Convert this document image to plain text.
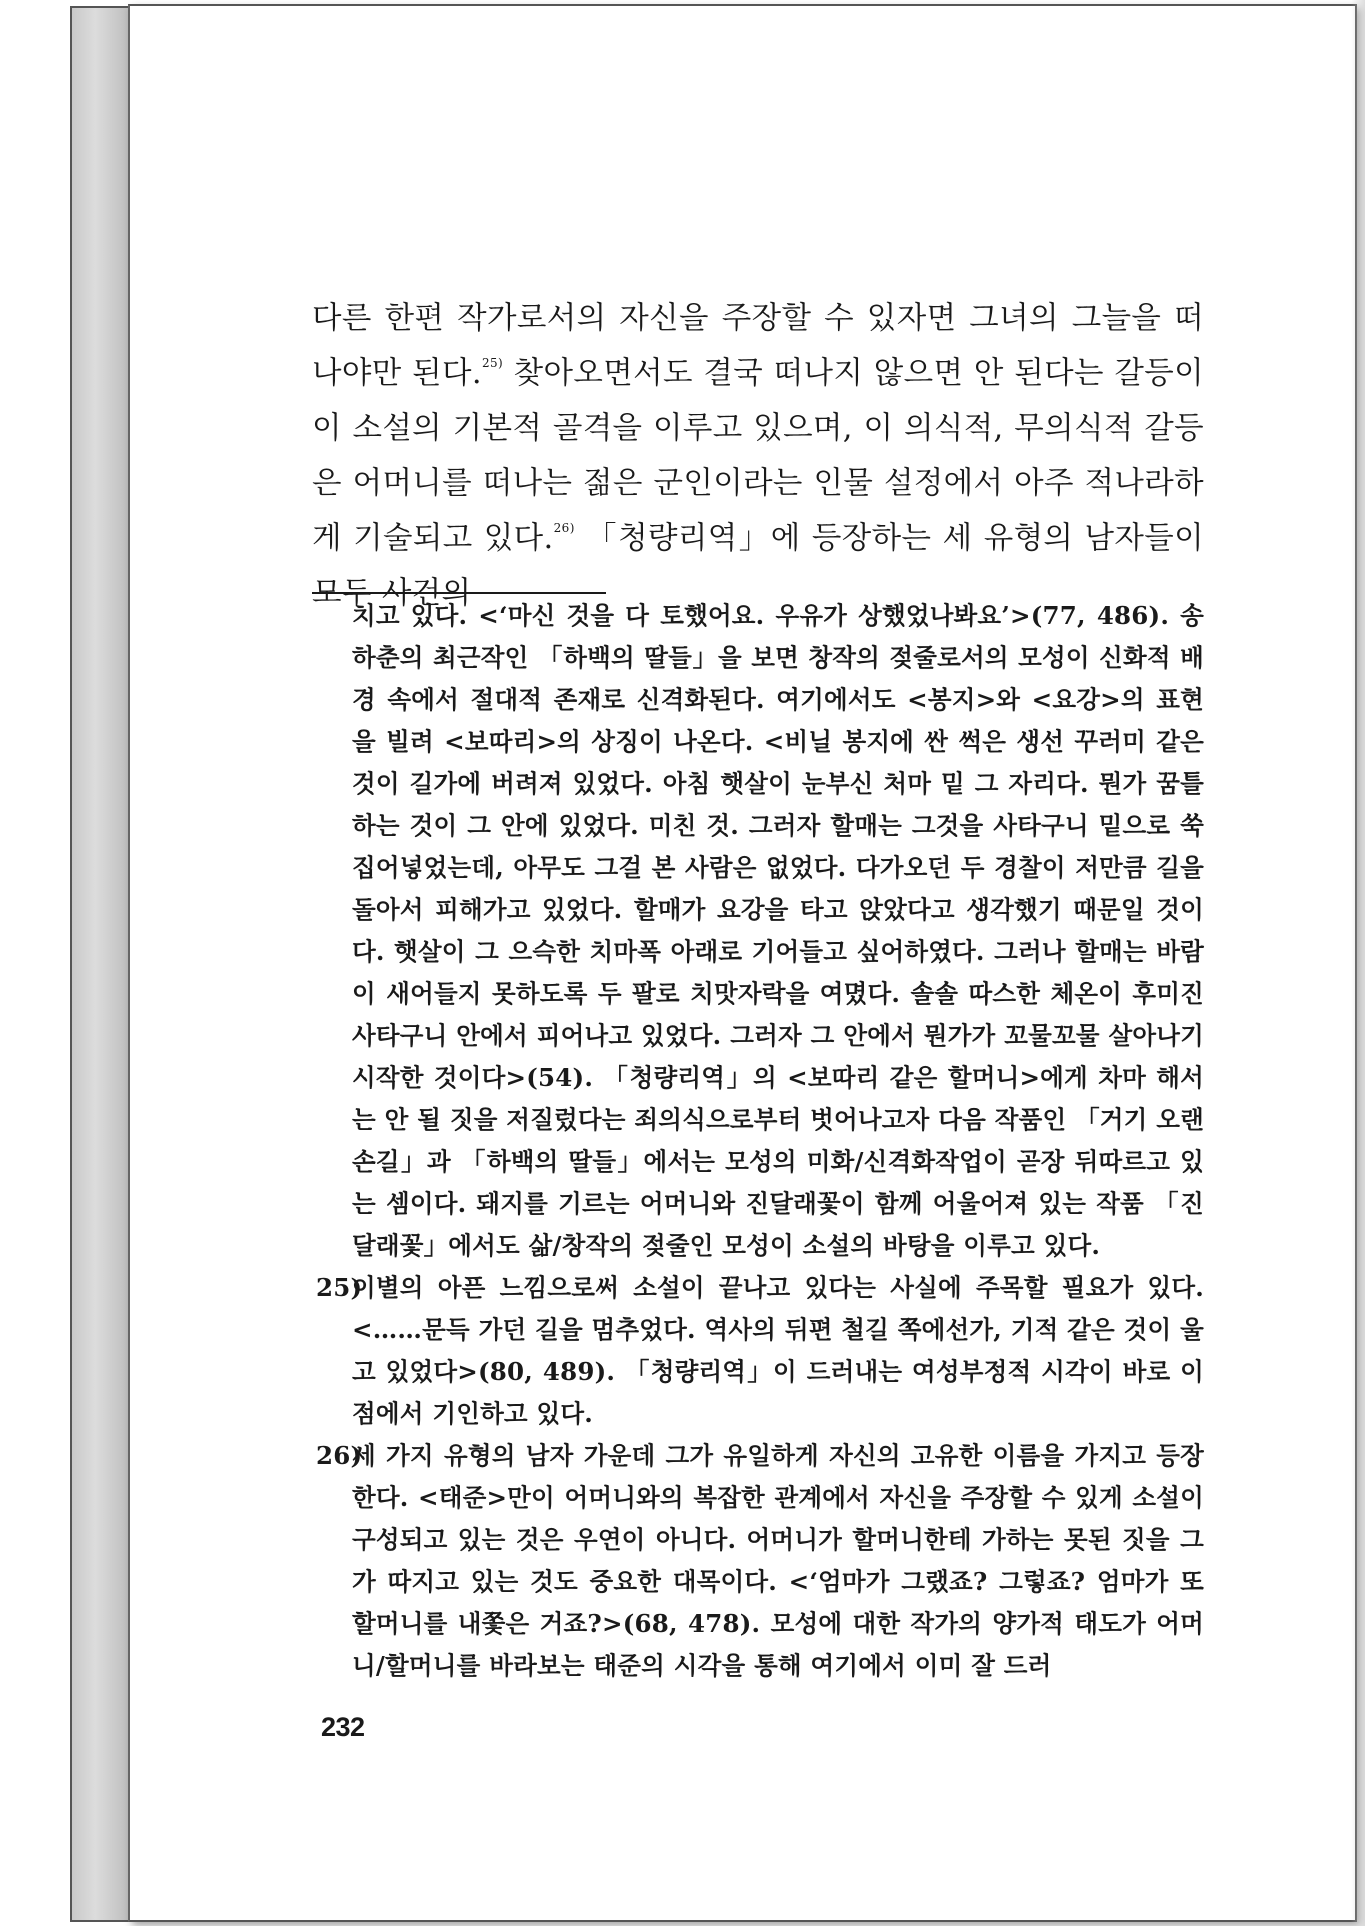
다른 한편 작가로서의 자신을 주장할 수 있자면 그녀의 그늘을 떠나야만 된다.$^{25)}$ 찾아오면서도 결국 떠나지 않으면 안 된다는 갈등이 이 소설의 기본적 골격을 이루고 있으며, 이 의식적, 무의식적 갈등은 어머니를 떠나는 젊은 군인이라는 인물 설정에서 아주 적나라하게 기술되고 있다.$^{26)}$ 「청량리역」에 등장하는 세 유형의 남자들이 모두 사건의

치고 있다. <‘마신 것을 다 토했어요. 우유가 상했었나봐요’>(77, 486). 송하춘의 최근작인 「하백의 딸들」을 보면 창작의 젖줄로서의 모성이 신화적 배경 속에서 절대적 존재로 신격화된다. 여기에서도 <봉지>와 <요강>의 표현을 빌려 <보따리>의 상징이 나온다. <비닐 봉지에 싼 썩은 생선 꾸러미 같은 것이 길가에 버려져 있었다. 아침 햇살이 눈부신 처마 밑 그 자리다. 뭔가 꿈틀하는 것이 그 안에 있었다. 미친 것. 그러자 할매는 그것을 사타구니 밑으로 쑥 집어넣었는데, 아무도 그걸 본 사람은 없었다. 다가오던 두 경찰이 저만큼 길을 돌아서 피해가고 있었다. 할매가 요강을 타고 앉았다고 생각했기 때문일 것이다. 햇살이 그 으슥한 치마폭 아래로 기어들고 싶어하였다. 그러나 할매는 바람이 새어들지 못하도록 두 팔로 치맛자락을 여몄다. 솔솔 따스한 체온이 후미진 사타구니 안에서 피어나고 있었다. 그러자 그 안에서 뭔가가 꼬물꼬물 살아나기 시작한 것이다>(54). 「청량리역」의 <보따리 같은 할머니>에게 차마 해서는 안 될 짓을 저질렀다는 죄의식으로부터 벗어나고자 다음 작품인 「거기 오랜 손길」과 「하백의 딸들」에서는 모성의 미화/신격화작업이 곧장 뒤따르고 있는 셈이다. 돼지를 기르는 어머니와 진달래꽃이 함께 어울어져 있는 작품 「진달래꽃」에서도 삶/창작의 젖줄인 모성이 소설의 바탕을 이루고 있다.

25)
이별의 아픈 느낌으로써 소설이 끝나고 있다는 사실에 주목할 필요가 있다. <……문득 가던 길을 멈추었다. 역사의 뒤편 철길 쪽에선가, 기적 같은 것이 울고 있었다>(80, 489). 「청량리역」이 드러내는 여성부정적 시각이 바로 이 점에서 기인하고 있다.

26)
세 가지 유형의 남자 가운데 그가 유일하게 자신의 고유한 이름을 가지고 등장한다. <태준>만이 어머니와의 복잡한 관계에서 자신을 주장할 수 있게 소설이 구성되고 있는 것은 우연이 아니다. 어머니가 할머니한테 가하는 못된 짓을 그가 따지고 있는 것도 중요한 대목이다. <‘엄마가 그랬죠? 그렇죠? 엄마가 또 할머니를 내쫓은 거죠?>(68, 478). 모성에 대한 작가의 양가적 태도가 어머니/할머니를 바라보는 태준의 시각을 통해 여기에서 이미 잘 드러

232
